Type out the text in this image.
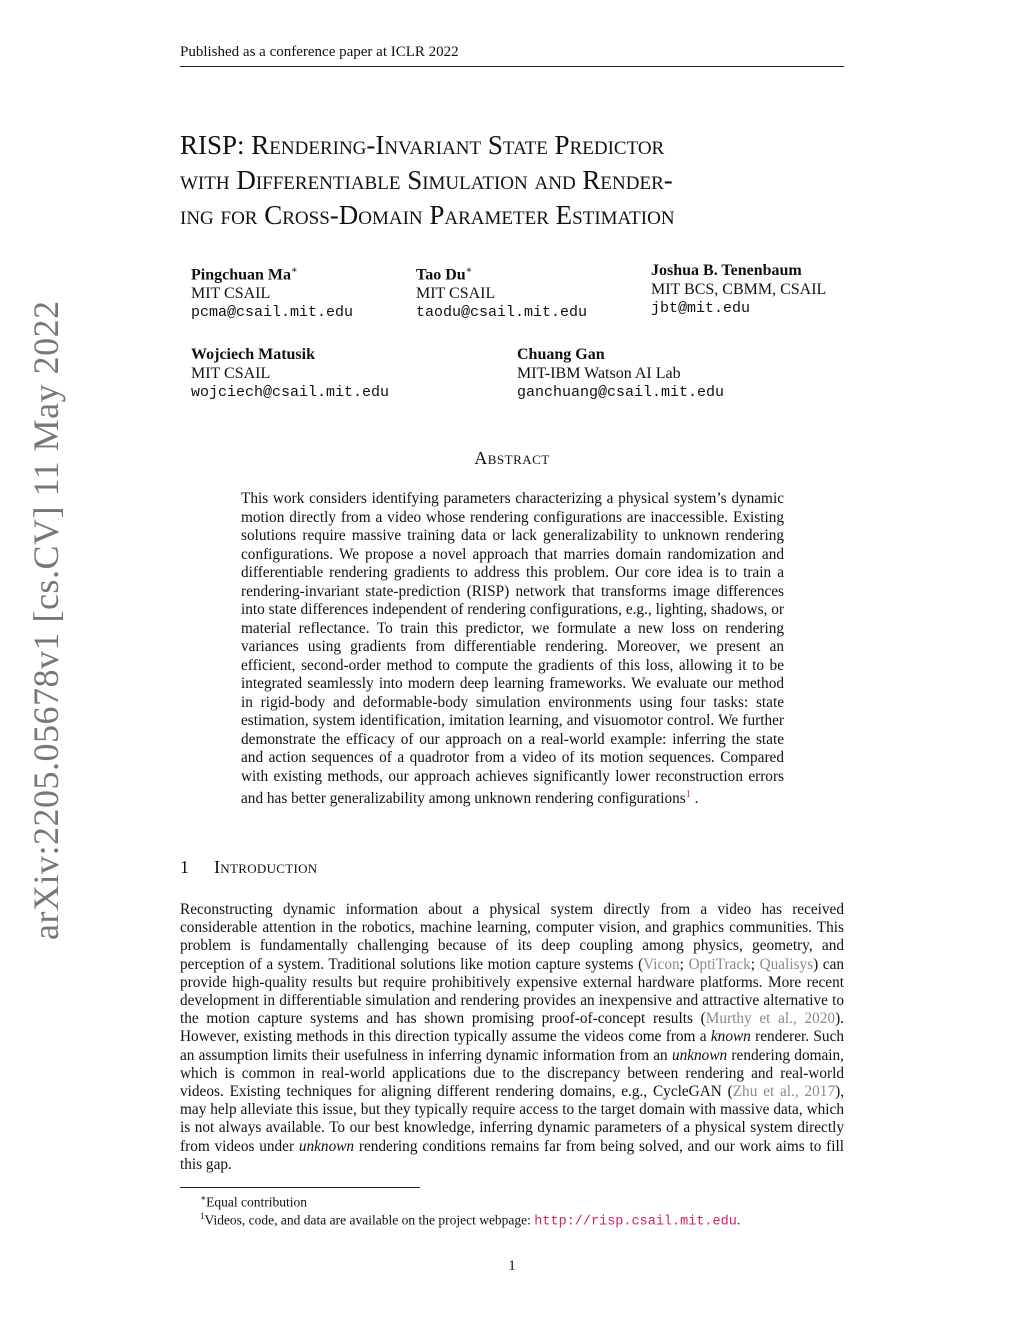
Published as a conference paper at ICLR 2022
arXiv:2205.05678v1 [cs.CV] 11 May 2022
RISP: Rendering-Invariant State Predictor
with Differentiable Simulation and Render-
ing for Cross-Domain Parameter Estimation
Pingchuan Ma∗
MIT CSAIL
pcma@csail.mit.edu
Tao Du∗
MIT CSAIL
taodu@csail.mit.edu
Joshua B. Tenenbaum
MIT BCS, CBMM, CSAIL
jbt@mit.edu
Wojciech Matusik
MIT CSAIL
wojciech@csail.mit.edu
Chuang Gan
MIT-IBM Watson AI Lab
ganchuang@csail.mit.edu
Abstract

This work considers identifying parameters characterizing a physical system’s dynamic motion directly from a video whose rendering configurations are inaccessible. Existing solutions require massive training data or lack generalizability to unknown rendering configurations. We propose a novel approach that marries domain randomization and differentiable rendering gradients to address this problem. Our core idea is to train a rendering-invariant state-prediction (RISP) network that transforms image differences into state differences independent of rendering configurations, e.g., lighting, shadows, or material reflectance. To train this predictor, we formulate a new loss on rendering variances using gradients from differentiable rendering. Moreover, we present an efficient, second-order method to compute the gradients of this loss, allowing it to be integrated seamlessly into modern deep learning frameworks. We evaluate our method in rigid-body and deformable-body simulation environments using four tasks: state estimation, system identification, imitation learning, and visuomotor control. We further demonstrate the efficacy of our approach on a real-world example: inferring the state and action sequences of a quadrotor from a video of its motion sequences. Compared with existing methods, our approach achieves significantly lower reconstruction errors and has better generalizability among unknown rendering configurations$^1$ .

1 Introduction

Reconstructing dynamic information about a physical system directly from a video has received considerable attention in the robotics, machine learning, computer vision, and graphics communities. This problem is fundamentally challenging because of its deep coupling among physics, geometry, and perception of a system. Traditional solutions like motion capture systems (Vicon; OptiTrack; Qualisys) can provide high-quality results but require prohibitively expensive external hardware platforms. More recent development in differentiable simulation and rendering provides an inexpensive and attractive alternative to the motion capture systems and has shown promising proof-of-concept results (Murthy et al., 2020). However, existing methods in this direction typically assume the videos come from a known renderer. Such an assumption limits their usefulness in inferring dynamic information from an unknown rendering domain, which is common in real-world applications due to the discrepancy between rendering and real-world videos. Existing techniques for aligning different rendering domains, e.g., CycleGAN (Zhu et al., 2017), may help alleviate this issue, but they typically require access to the target domain with massive data, which is not always available. To our best knowledge, inferring dynamic parameters of a physical system directly from videos under unknown rendering conditions remains far from being solved, and our work aims to fill this gap.

∗Equal contribution
$^1$Videos, code, and data are available on the project webpage: http://risp.csail.mit.edu.
1
